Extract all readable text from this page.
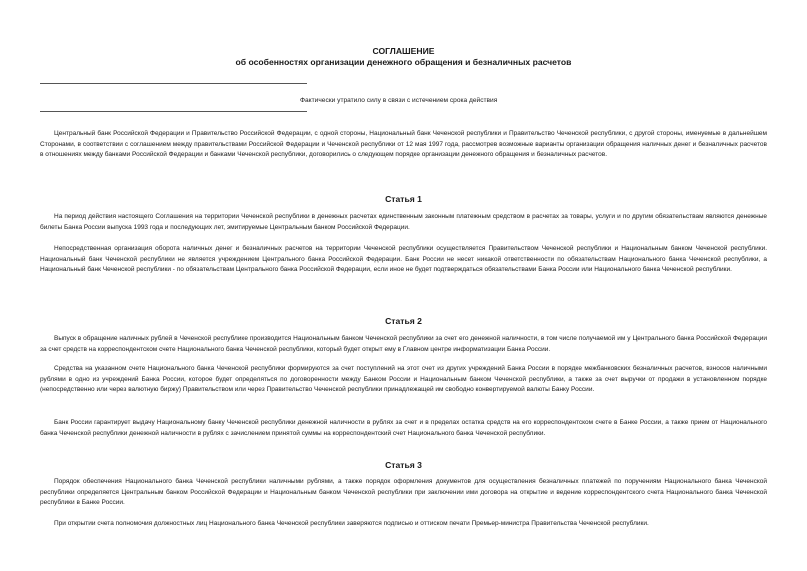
СОГЛАШЕНИЕ
об особенностях организации денежного обращения и безналичных расчетов
Фактически утратило силу в связи с истечением срока действия
Центральный банк Российской Федерации и Правительство Российской Федерации, с одной стороны, Национальный банк Чеченской республики и Правительство Чеченской республики, с другой стороны, именуемые в дальнейшем Сторонами, в соответствии с соглашением между правительствами Российской Федерации и Чеченской республики от 12 мая 1997 года, рассмотрев возможные варианты организации обращения наличных денег и безналичных расчетов в отношениях между банками Российской Федерации и банками Чеченской республики, договорились о следующем порядке организации денежного обращения и безналичных расчетов.
Статья 1
На период действия настоящего Соглашения на территории Чеченской республики в денежных расчетах единственным законным платежным средством в расчетах за товары, услуги и по другим обязательствам являются денежные билеты Банка России выпуска 1993 года и последующих лет, эмитируемые Центральным банком Российской Федерации.
Непосредственная организация оборота наличных денег и безналичных расчетов на территории Чеченской республики осуществляется Правительством Чеченской республики и Национальным банком Чеченской республики. Национальный банк Чеченской республики не является учреждением Центрального банка Российской Федерации. Банк России не несет никакой ответственности по обязательствам Национального банка Чеченской республики, а Национальный банк Чеченской республики - по обязательствам Центрального банка Российской Федерации, если иное не будет подтверждаться обязательствами Банка России или Национального банка Чеченской республики.
Статья 2
Выпуск в обращение наличных рублей в Чеченской республике производится Национальным банком Чеченской республики за счет его денежной наличности, в том числе получаемой им у Центрального банка Российской Федерации за счет средств на корреспондентском счете Национального банка Чеченской республики, который будет открыт ему в Главном центре информатизации Банка России.
Средства на указанном счете Национального банка Чеченской республики формируются за счет поступлений на этот счет из других учреждений Банка России в порядке межбанковских безналичных расчетов, взносов наличными рублями в одно из учреждений Банка России, которое будет определяться по договоренности между Банком России и Национальным банком Чеченской республики, а также за счет выручки от продажи в установленном порядке (непосредственно или через валютную биржу) Правительством или через Правительство Чеченской республики принадлежащей им свободно конвертируемой валюты Банку России.
Банк России гарантирует выдачу Национальному банку Чеченской республики денежной наличности в рублях за счет и в пределах остатка средств на его корреспондентском счете в Банке России, а также прием от Национального банка Чеченской республики денежной наличности в рублях с зачислением принятой суммы на корреспондентский счет Национального банка Чеченской республики.
Статья 3
Порядок обеспечения Национального банка Чеченской республики наличными рублями, а также порядок оформления документов для осуществления безналичных платежей по поручениям Национального банка Чеченской республики определяется Центральным банком Российской Федерации и Национальным банком Чеченской республики при заключении ими договора на открытие и ведение корреспондентского счета Национального банка Чеченской республики в Банке России.
При открытии счета полномочия должностных лиц Национального банка Чеченской республики заверяются подписью и оттиском печати Премьер-министра Правительства Чеченской республики.
